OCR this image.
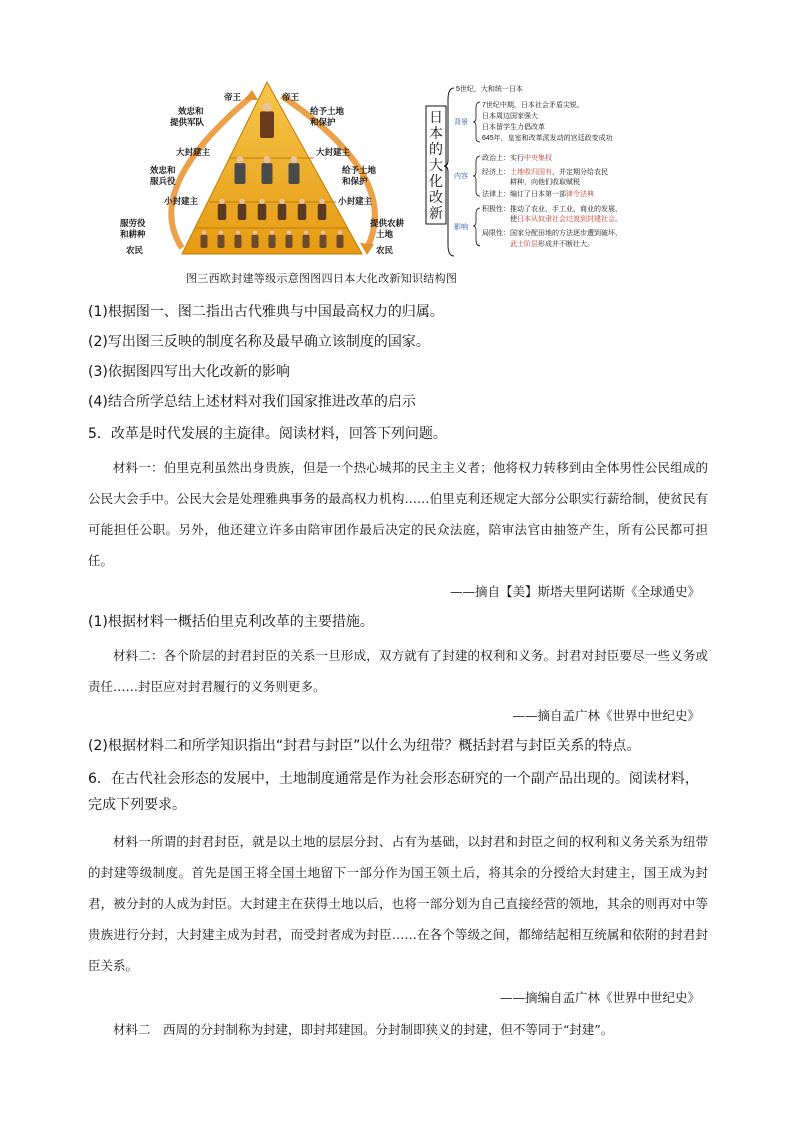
帝王
效忠和
提供军队
大封建主
效忠和
服兵役
小封建主
服劳役
和耕种
农民
帝王
给予土地
和保护
大封建主
给予土地
和保护
小封建主
提供农耕
土地
农民
日
本
的
大
化
改
新
5世纪，大和统一日本
背景
7世纪中期，日本社会矛盾尖锐。
日本周边国家强大
日本留学生力倡改革
645年，皇室和改革派发动的宫廷政变成功
内容
政治上：实行中央集权
经济上：土地收归国有，并定期分给农民
耕种，向他们收取赋税
法律上：编订了日本第一部律令法典
影响
积极性：推动了农业、手工业、商业的发展，
使日本从奴隶社会过渡到封建社会。
局限性：国家分配田地的方法逐步遭到破坏，
武士阶层形成并不断壮大。
图三西欧封建等级示意图图四日本大化改新知识结构图
(1)根据图一、图二指出古代雅典与中国最高权力的归属。
(2)写出图三反映的制度名称及最早确立该制度的国家。
(3)依据图四写出大化改新的影响
(4)结合所学总结上述材料对我们国家推进改革的启示
5．改革是时代发展的主旋律。阅读材料，回答下列问题。

材料一：伯里克利虽然出身贵族，但是一个热心城邦的民主主义者；他将权力转移到由全体男性公民组成的公民大会手中。公民大会是处理雅典事务的最高权力机构……伯里克利还规定大部分公职实行薪给制，使贫民有可能担任公职。另外，他还建立许多由陪审团作最后决定的民众法庭，陪审法官由抽签产生，所有公民都可担任。

——摘自【美】斯塔夫里阿诺斯《全球通史》
(1)根据材料一概括伯里克利改革的主要措施。

材料二：各个阶层的封君封臣的关系一旦形成，双方就有了封建的权利和义务。封君对封臣要尽一些义务或责任……封臣应对封君履行的义务则更多。

——摘自孟广林《世界中世纪史》
(2)根据材料二和所学知识指出“封君与封臣”以什么为纽带？概括封君与封臣关系的特点。

6．在古代社会形态的发展中，土地制度通常是作为社会形态研究的一个副产品出现的。阅读材料，完成下列要求。

材料一所谓的封君封臣，就是以土地的层层分封、占有为基础，以封君和封臣之间的权利和义务关系为纽带的封建等级制度。首先是国王将全国土地留下一部分作为国王领土后，将其余的分授给大封建主，国王成为封君，被分封的人成为封臣。大封建主在获得土地以后，也将一部分划为自己直接经营的领地，其余的则再对中等贵族进行分封，大封建主成为封君，而受封者成为封臣……在各个等级之间，都缔结起相互统属和依附的封君封臣关系。

——摘编自孟广林《世界中世纪史》

材料二　西周的分封制称为封建，即封邦建国。分封制即狭义的封建，但不等同于“封建”。
